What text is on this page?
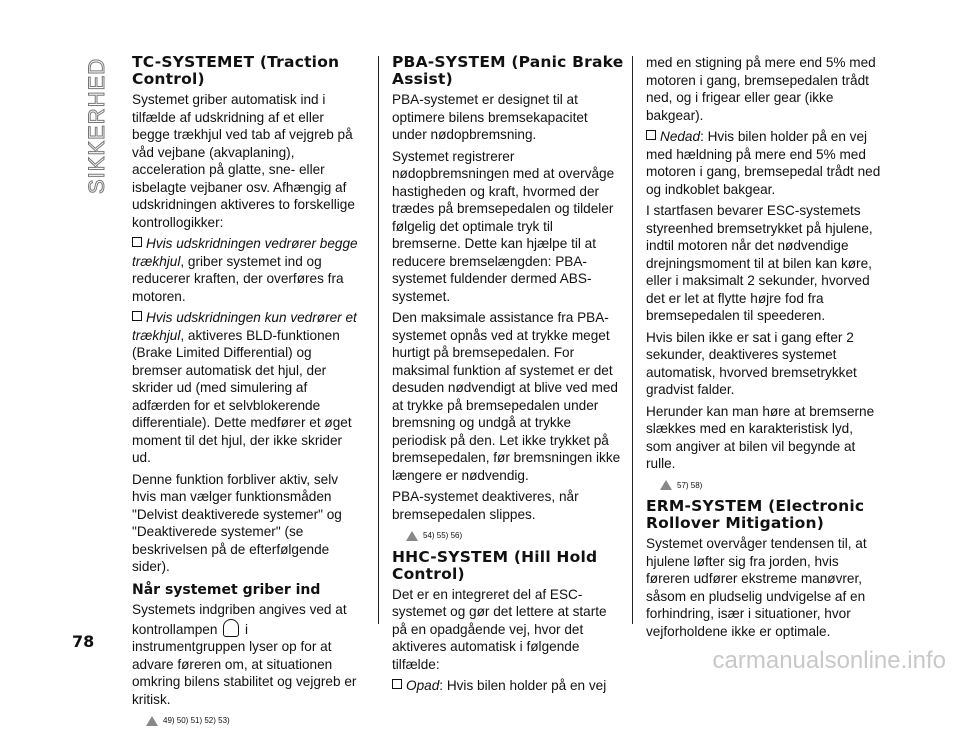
SIKKERHED TC-SYSTEMET (Traction Control)

Systemet griber automatisk ind i tilfælde af udskridning af et eller begge trækhjul ved tab af vejgreb på våd vejbane (akvaplaning), acceleration på glatte, sne- eller isbelagte vejbaner osv. Afhængig af udskridningen aktiveres to forskellige kontrollogikker:

Hvis udskridningen vedrører begge trækhjul, griber systemet ind og reducerer kraften, der overføres fra motoren.

Hvis udskridningen kun vedrører et trækhjul, aktiveres BLD-funktionen (Brake Limited Differential) og bremser automatisk det hjul, der skrider ud (med simulering af adfærden for et selvblokerende differentiale). Dette medfører et øget moment til det hjul, der ikke skrider ud.

Denne funktion forbliver aktiv, selv hvis man vælger funktionsmåden "Delvist deaktiverede systemer" og "Deaktiverede systemer" (se beskrivelsen på de efterfølgende sider).

Når systemet griber ind

Systemets indgriben angives ved at kontrollampen i instrumentgruppen lyser op for at advare føreren om, at situationen omkring bilens stabilitet og vejgreb er kritisk.

49) 50) 51) 52) 53)
PBA-SYSTEM (Panic Brake Assist)

PBA-systemet er designet til at optimere bilens bremsekapacitet under nødopbremsning.

Systemet registrerer nødopbremsningen med at overvåge hastigheden og kraft, hvormed der trædes på bremsepedalen og tildeler følgelig det optimale tryk til bremserne. Dette kan hjælpe til at reducere bremselængden: PBA-systemet fuldender dermed ABS-systemet.

Den maksimale assistance fra PBA-systemet opnås ved at trykke meget hurtigt på bremsepedalen. For maksimal funktion af systemet er det desuden nødvendigt at blive ved med at trykke på bremsepedalen under bremsning og undgå at trykke periodisk på den. Let ikke trykket på bremsepedalen, før bremsningen ikke længere er nødvendig.

PBA-systemet deaktiveres, når bremsepedalen slippes.

54) 55) 56)
HHC-SYSTEM (Hill Hold Control)

Det er en integreret del af ESC-systemet og gør det lettere at starte på en opadgående vej, hvor det aktiveres automatisk i følgende tilfælde:

Opad: Hvis bilen holder på en vej

med en stigning på mere end 5% med motoren i gang, bremsepedalen trådt ned, og i frigear eller gear (ikke bakgear).

Nedad: Hvis bilen holder på en vej med hældning på mere end 5% med motoren i gang, bremsepedal trådt ned og indkoblet bakgear.

I startfasen bevarer ESC-systemets styreenhed bremsetrykket på hjulene, indtil motoren når det nødvendige drejningsmoment til at bilen kan køre, eller i maksimalt 2 sekunder, hvorved det er let at flytte højre fod fra bremsepedalen til speederen.

Hvis bilen ikke er sat i gang efter 2 sekunder, deaktiveres systemet automatisk, hvorved bremsetrykket gradvist falder.

Herunder kan man høre at bremserne slækkes med en karakteristisk lyd, som angiver at bilen vil begynde at rulle.

57) 58)
ERM-SYSTEM (Electronic Rollover Mitigation)

Systemet overvåger tendensen til, at hjulene løfter sig fra jorden, hvis føreren udfører ekstreme manøvrer, såsom en pludselig undvigelse af en forhindring, især i situationer, hvor vejforholdene ikke er optimale.

78
carmanualsonline.info
